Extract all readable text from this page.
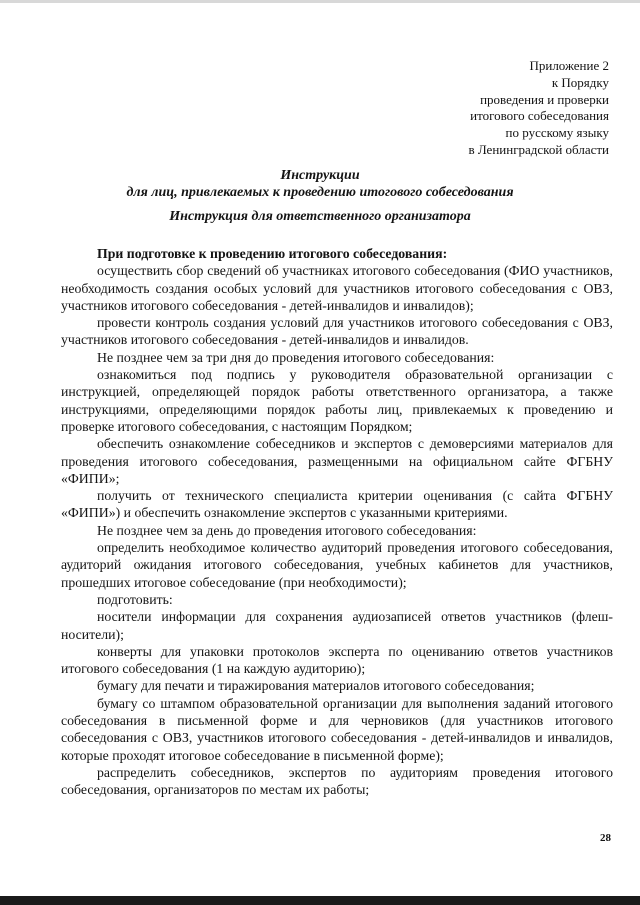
Приложение 2
к Порядку
проведения и проверки
итогового собеседования
по русскому языку
в Ленинградской области
Инструкции
для лиц, привлекаемых к проведению итогового собеседования
Инструкция для ответственного организатора

При подготовке к проведению итогового собеседования:

осуществить сбор сведений об участниках итогового собеседования (ФИО участников, необходимость создания особых условий для участников итогового собеседования с ОВЗ, участников итогового собеседования - детей-инвалидов и инвалидов);

провести контроль создания условий для участников итогового собеседования с ОВЗ, участников итогового собеседования - детей-инвалидов и инвалидов.

Не позднее чем за три дня до проведения итогового собеседования:

ознакомиться под подпись у руководителя образовательной организации с инструкцией, определяющей порядок работы ответственного организатора, а также инструкциями, определяющими порядок работы лиц, привлекаемых к проведению и проверке итогового собеседования, с настоящим Порядком;

обеспечить ознакомление собеседников и экспертов с демоверсиями материалов для проведения итогового собеседования, размещенными на официальном сайте ФГБНУ «ФИПИ»;

получить от технического специалиста критерии оценивания (с сайта ФГБНУ «ФИПИ») и обеспечить ознакомление экспертов с указанными критериями.

Не позднее чем за день до проведения итогового собеседования:

определить необходимое количество аудиторий проведения итогового собеседования, аудиторий ожидания итогового собеседования, учебных кабинетов для участников, прошедших итоговое собеседование (при необходимости);

подготовить:

носители информации для сохранения аудиозаписей ответов участников (флеш-носители);

конверты для упаковки протоколов эксперта по оцениванию ответов участников итогового собеседования (1 на каждую аудиторию);

бумагу для печати и тиражирования материалов итогового собеседования;

бумагу со штампом образовательной организации для выполнения заданий итогового собеседования в письменной форме и для черновиков (для участников итогового собеседования с ОВЗ, участников итогового собеседования - детей-инвалидов и инвалидов, которые проходят итоговое собеседование в письменной форме);

распределить собеседников, экспертов по аудиториям проведения итогового собеседования, организаторов по местам их работы;

28
